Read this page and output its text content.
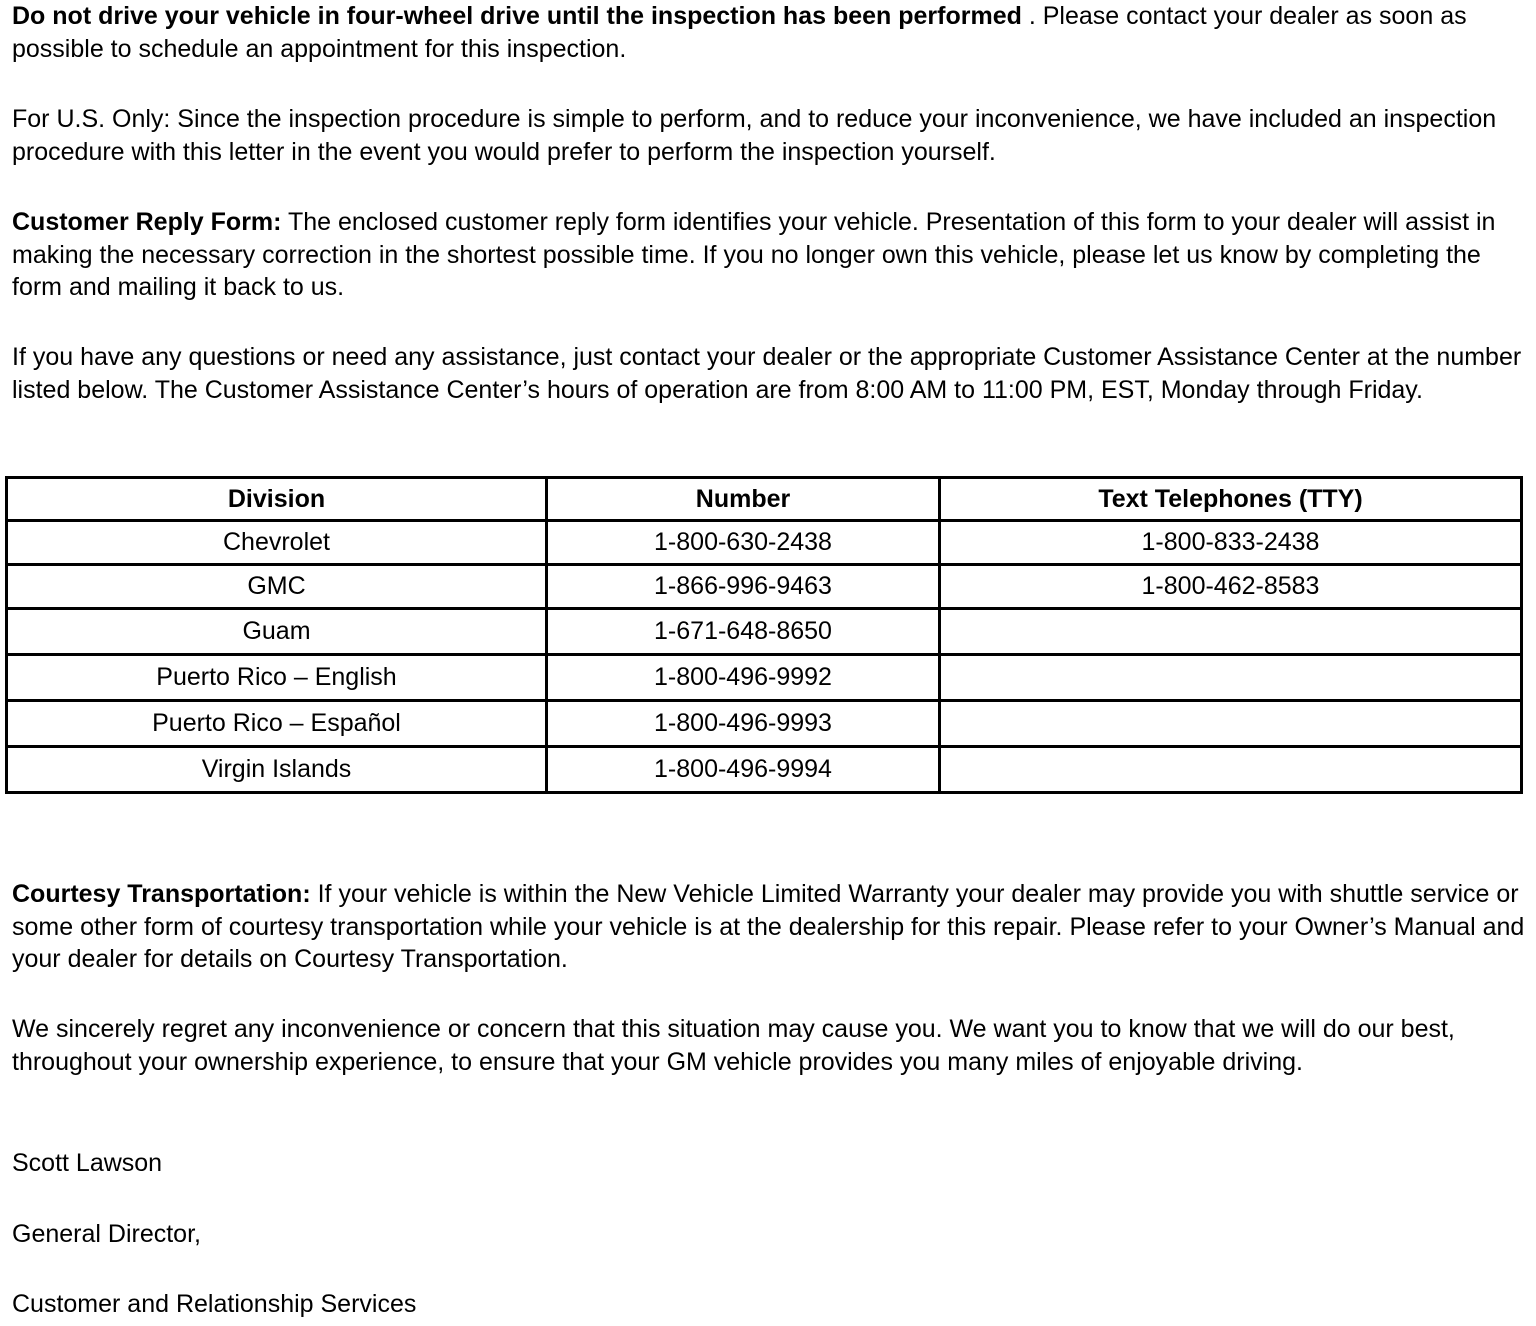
Do not drive your vehicle in four-wheel drive until the inspection has been performed . Please contact your dealer as soon as possible to schedule an appointment for this inspection.

For U.S. Only: Since the inspection procedure is simple to perform, and to reduce your inconvenience, we have included an inspection procedure with this letter in the event you would prefer to perform the inspection yourself.

Customer Reply Form: The enclosed customer reply form identifies your vehicle. Presentation of this form to your dealer will assist in making the necessary correction in the shortest possible time. If you no longer own this vehicle, please let us know by completing the form and mailing it back to us.

If you have any questions or need any assistance, just contact your dealer or the appropriate Customer Assistance Center at the number listed below. The Customer Assistance Center’s hours of operation are from 8:00 AM to 11:00 PM, EST, Monday through Friday.

Division	Number	Text Telephones (TTY)
Chevrolet	1-800-630-2438	1-800-833-2438
GMC	1-866-996-9463	1-800-462-8583
Guam	1-671-648-8650	
Puerto Rico – English	1-800-496-9992	
Puerto Rico – Español	1-800-496-9993	
Virgin Islands	1-800-496-9994	

Courtesy Transportation: If your vehicle is within the New Vehicle Limited Warranty your dealer may provide you with shuttle service or some other form of courtesy transportation while your vehicle is at the dealership for this repair. Please refer to your Owner’s Manual and your dealer for details on Courtesy Transportation.

We sincerely regret any inconvenience or concern that this situation may cause you. We want you to know that we will do our best, throughout your ownership experience, to ensure that your GM vehicle provides you many miles of enjoyable driving.

Scott Lawson

General Director,

Customer and Relationship Services
